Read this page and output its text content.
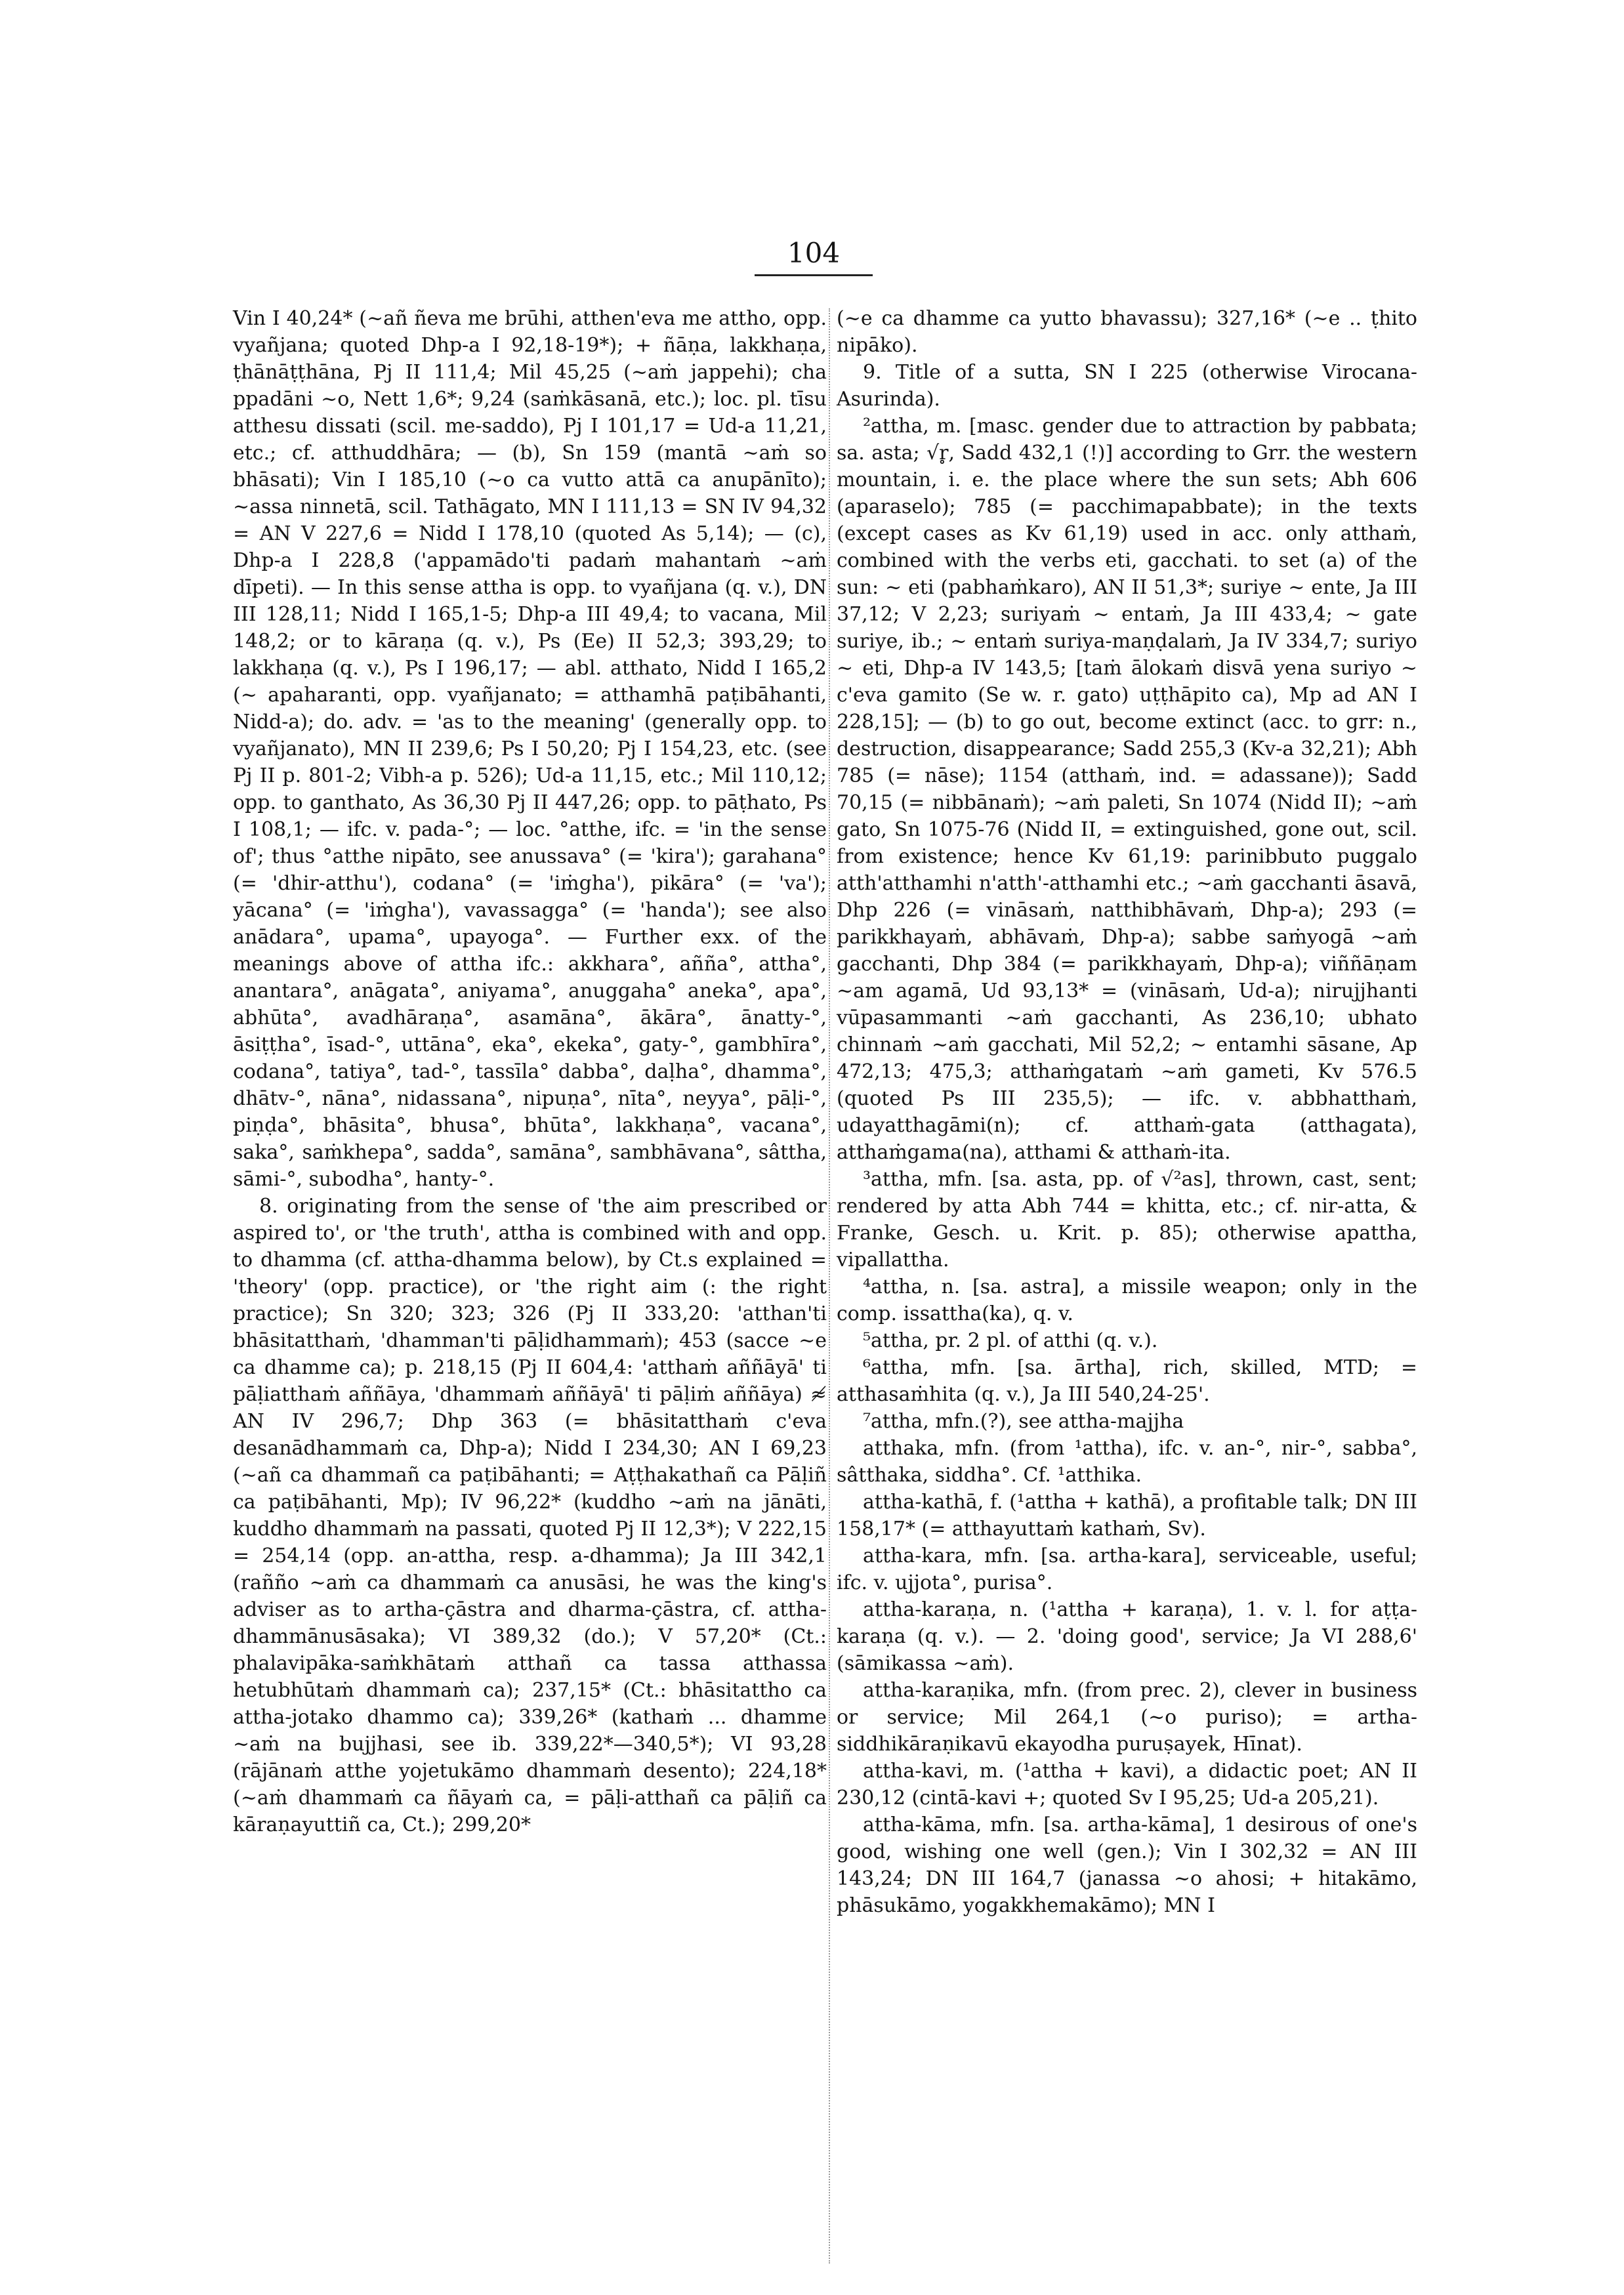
104

Vin I 40,24* (~añ ñeva me brūhi, atthen'eva me attho, opp. vyañjana; quoted Dhp-a I 92,18-19*); + ñāṇa, lakkhaṇa, ṭhānāṭṭhāna, Pj II 111,4; Mil 45,25 (~aṁ jappehi); cha ppadāni ~o, Nett 1,6*; 9,24 (saṁkāsanā, etc.); loc. pl. tīsu atthesu dissati (scil. me-saddo), Pj I 101,17 = Ud-a 11,21, etc.; cf. atthuddhāra; — (b), Sn 159 (mantā ~aṁ so bhāsati); Vin I 185,10 (~o ca vutto attā ca anupānīto); ~assa ninnetā, scil. Tathāgato, MN I 111,13 = SN IV 94,32 = AN V 227,6 = Nidd I 178,10 (quoted As 5,14); — (c), Dhp-a I 228,8 ('appamādo'ti padaṁ mahantaṁ ~aṁ dīpeti). — In this sense attha is opp. to vyañjana (q. v.), DN III 128,11; Nidd I 165,1-5; Dhp-a III 49,4; to vacana, Mil 148,2; or to kāraṇa (q. v.), Ps (Ee) II 52,3; 393,29; to lakkhaṇa (q. v.), Ps I 196,17; — abl. atthato, Nidd I 165,2 (~ apaharanti, opp. vyañjanato; = atthamhā paṭibāhanti, Nidd-a); do. adv. = 'as to the meaning' (generally opp. to vyañjanato), MN II 239,6; Ps I 50,20; Pj I 154,23, etc. (see Pj II p. 801-2; Vibh-a p. 526); Ud-a 11,15, etc.; Mil 110,12; opp. to ganthato, As 36,30 Pj II 447,26; opp. to pāṭhato, Ps I 108,1; — ifc. v. pada-°; — loc. °atthe, ifc. = 'in the sense of'; thus °atthe nipāto, see anussava° (= 'kira'); garahana° (= 'dhir-atthu'), codana° (= 'iṁgha'), pikāra° (= 'va'); yācana° (= 'iṁgha'), vavassagga° (= 'handa'); see also anādara°, upama°, upayoga°. — Further exx. of the meanings above of attha ifc.: akkhara°, añña°, attha°, anantara°, anāgata°, aniyama°, anuggaha° aneka°, apa°, abhūta°, avadhāraṇa°, asamāna°, ākāra°, ānatty-°, āsiṭṭha°, īsad-°, uttāna°, eka°, ekeka°, gaty-°, gambhīra°, codana°, tatiya°, tad-°, tassīla° dabba°, daḷha°, dhamma°, dhātv-°, nāna°, nidassana°, nipuṇa°, nīta°, neyya°, pāḷi-°, piṇḍa°, bhāsita°, bhusa°, bhūta°, lakkhaṇa°, vacana°, saka°, saṁkhepa°, sadda°, samāna°, sambhāvana°, sâttha, sāmi-°, subodha°, hanty-°.

8. originating from the sense of 'the aim prescribed or aspired to', or 'the truth', attha is combined with and opp. to dhamma (cf. attha-dhamma below), by Ct.s explained = 'theory' (opp. practice), or 'the right aim (: the right practice); Sn 320; 323; 326 (Pj II 333,20: 'atthan'ti bhāsitatthaṁ, 'dhamman'ti pāḷidhammaṁ); 453 (sacce ~e ca dhamme ca); p. 218,15 (Pj II 604,4: 'atthaṁ aññāyā' ti pāḷiatthaṁ aññāya, 'dhammaṁ aññāyā' ti pāḷiṁ aññāya) ≉ AN IV 296,7; Dhp 363 (= bhāsitatthaṁ c'eva desanādhammaṁ ca, Dhp-a); Nidd I 234,30; AN I 69,23 (~añ ca dhammañ ca paṭibāhanti; = Aṭṭhakathañ ca Pāḷiñ ca paṭibāhanti, Mp); IV 96,22* (kuddho ~aṁ na jānāti, kuddho dhammaṁ na passati, quoted Pj II 12,3*); V 222,15 = 254,14 (opp. an-attha, resp. a-dhamma); Ja III 342,1 (rañño ~aṁ ca dhammaṁ ca anusāsi, he was the king's adviser as to artha-çāstra and dharma-çāstra, cf. attha-dhammānusāsaka); VI 389,32 (do.); V 57,20* (Ct.: phalavipāka-saṁkhātaṁ atthañ ca tassa atthassa hetubhūtaṁ dhammaṁ ca); 237,15* (Ct.: bhāsitattho ca attha-jotako dhammo ca); 339,26* (kathaṁ ... dhamme ~aṁ na bujjhasi, see ib. 339,22*—340,5*); VI 93,28 (rājānaṁ atthe yojetukāmo dhammaṁ desento); 224,18* (~aṁ dhammaṁ ca ñāyaṁ ca, = pāḷi-atthañ ca pāḷiñ ca kāraṇayuttiñ ca, Ct.); 299,20*

(~e ca dhamme ca yutto bhavassu); 327,16* (~e .. ṭhito nipāko).

9. Title of a sutta, SN I 225 (otherwise Virocana-Asurinda).

²attha, m. [masc. gender due to attraction by pabbata; sa. asta; √r̥, Sadd 432,1 (!)] according to Grr. the western mountain, i. e. the place where the sun sets; Abh 606 (aparaselo); 785 (= pacchimapabbate); in the texts (except cases as Kv 61,19) used in acc. only atthaṁ, combined with the verbs eti, gacchati. to set (a) of the sun: ~ eti (pabhaṁkaro), AN II 51,3*; suriye ~ ente, Ja III 37,12; V 2,23; suriyaṁ ~ entaṁ, Ja III 433,4; ~ gate suriye, ib.; ~ entaṁ suriya-maṇḍalaṁ, Ja IV 334,7; suriyo ~ eti, Dhp-a IV 143,5; [taṁ ālokaṁ disvā yena suriyo ~ c'eva gamito (Se w. r. gato) uṭṭhāpito ca), Mp ad AN I 228,15]; — (b) to go out, become extinct (acc. to grr: n., destruction, disappearance; Sadd 255,3 (Kv-a 32,21); Abh 785 (= nāse); 1154 (atthaṁ, ind. = adassane)); Sadd 70,15 (= nibbānaṁ); ~aṁ paleti, Sn 1074 (Nidd II); ~aṁ gato, Sn 1075-76 (Nidd II, = extinguished, gone out, scil. from existence; hence Kv 61,19: parinibbuto puggalo atth'atthamhi n'atth'-atthamhi etc.; ~aṁ gacchanti āsavā, Dhp 226 (= vināsaṁ, natthibhāvaṁ, Dhp-a); 293 (= parikkhayaṁ, abhāvaṁ, Dhp-a); sabbe saṁyogā ~aṁ gacchanti, Dhp 384 (= parikkhayaṁ, Dhp-a); viññāṇam ~am agamā, Ud 93,13* = (vināsaṁ, Ud-a); nirujjhanti vūpasammanti ~aṁ gacchanti, As 236,10; ubhato chinnaṁ ~aṁ gacchati, Mil 52,2; ~ entamhi sāsane, Ap 472,13; 475,3; atthaṁgataṁ ~aṁ gameti, Kv 576.5 (quoted Ps III 235,5); — ifc. v. abbhatthaṁ, udayatthagāmi(n); cf. atthaṁ-gata (atthagata), atthaṁgama(na), atthami & atthaṁ-ita.

³attha, mfn. [sa. asta, pp. of √²as], thrown, cast, sent; rendered by atta Abh 744 = khitta, etc.; cf. nir-atta, & Franke, Gesch. u. Krit. p. 85); otherwise apattha, vipallattha.

⁴attha, n. [sa. astra], a missile weapon; only in the comp. issattha(ka), q. v.

⁵attha, pr. 2 pl. of atthi (q. v.).

⁶attha, mfn. [sa. ārtha], rich, skilled, MTD; = atthasaṁhita (q. v.), Ja III 540,24-25'.

⁷attha, mfn.(?), see attha-majjha

atthaka, mfn. (from ¹attha), ifc. v. an-°, nir-°, sabba°, sâtthaka, siddha°. Cf. ¹atthika.

attha-kathā, f. (¹attha + kathā), a profitable talk; DN III 158,17* (= atthayuttaṁ kathaṁ, Sv).

attha-kara, mfn. [sa. artha-kara], serviceable, useful; ifc. v. ujjota°, purisa°.

attha-karaṇa, n. (¹attha + karaṇa), 1. v. l. for aṭṭa-karaṇa (q. v.). — 2. 'doing good', service; Ja VI 288,6' (sāmikassa ~aṁ).

attha-karaṇika, mfn. (from prec. 2), clever in business or service; Mil 264,1 (~o puriso); = artha-siddhikāraṇikavū ekayodha puruṣayek, Hīnat).

attha-kavi, m. (¹attha + kavi), a didactic poet; AN II 230,12 (cintā-kavi +; quoted Sv I 95,25; Ud-a 205,21).

attha-kāma, mfn. [sa. artha-kāma], 1 desirous of one's good, wishing one well (gen.); Vin I 302,32 = AN III 143,24; DN III 164,7 (janassa ~o ahosi; + hitakāmo, phāsukāmo, yogakkhemakāmo); MN I
